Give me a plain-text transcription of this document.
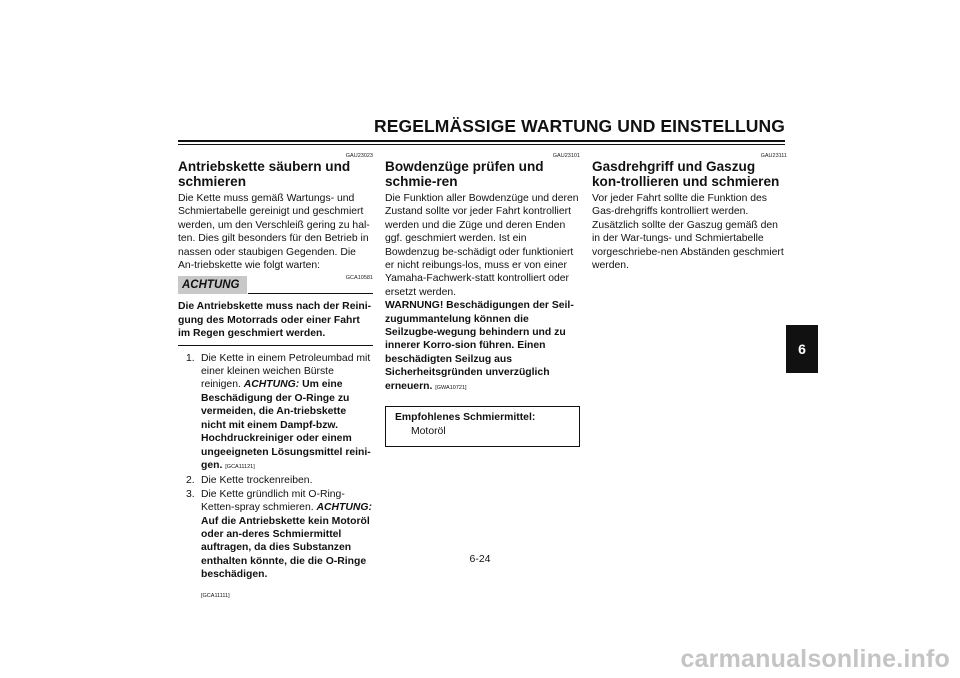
REGELMÄSSIGE WARTUNG UND EINSTELLUNG
GAU23023
Antriebskette säubern und schmieren

Die Kette muss gemäß Wartungs- und Schmiertabelle gereinigt und geschmiert werden, um den Verschleiß gering zu hal-ten. Dies gilt besonders für den Betrieb in nassen oder staubigen Gegenden. Die An-triebskette wie folgt warten:

ACHTUNG
GCA10581

Die Antriebskette muss nach der Reini-gung des Motorrads oder einer Fahrt im Regen geschmiert werden.

1. Die Kette in einem Petroleumbad mit einer kleinen weichen Bürste reinigen. ACHTUNG: Um eine Beschädigung der O-Ringe zu vermeiden, die An-triebskette nicht mit einem Dampf-bzw. Hochdruckreiniger oder einem ungeeigneten Lösungsmittel reini-gen. [GCA11121]
2. Die Kette trockenreiben.
3. Die Kette gründlich mit O-Ring-Ketten-spray schmieren. ACHTUNG: Auf die Antriebskette kein Motoröl oder an-deres Schmiermittel auftragen, da dies Substanzen enthalten könnte, die die O-Ringe beschädigen.
[GCA11111]
GAU23101
Bowdenzüge prüfen und schmie-ren

Die Funktion aller Bowdenzüge und deren Zustand sollte vor jeder Fahrt kontrolliert werden und die Züge und deren Enden ggf. geschmiert werden. Ist ein Bowdenzug be-schädigt oder funktioniert er nicht reibungs-los, muss er von einer Yamaha-Fachwerk-statt kontrolliert oder ersetzt werden.

WARNUNG! Beschädigungen der Seil-zugummantelung können die Seilzugbe-wegung behindern und zu innerer Korro-sion führen. Einen beschädigten Seilzug aus Sicherheitsgründen unverzüglich erneuern. [GWA10721]

Empfohlenes Schmiermittel:
Motoröl
GAU23111
Gasdrehgriff und Gaszug kon-trollieren und schmieren

Vor jeder Fahrt sollte die Funktion des Gas-drehgriffs kontrolliert werden. Zusätzlich sollte der Gaszug gemäß den in der War-tungs- und Schmiertabelle vorgeschriebe-nen Abständen geschmiert werden.

6
6-24
carmanualsonline.info
